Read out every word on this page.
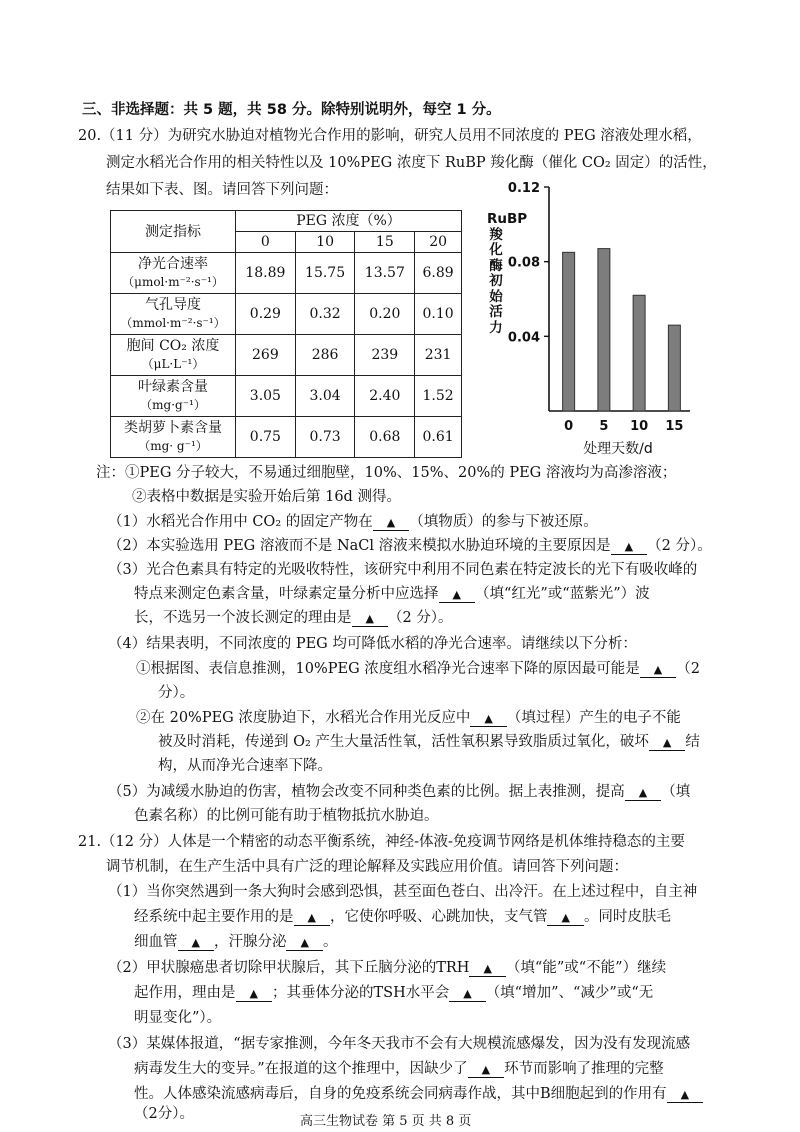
三、非选择题：共 5 题，共 58 分。除特别说明外，每空 1 分。
20.（11 分）为研究水胁迫对植物光合作用的影响，研究人员用不同浓度的 PEG 溶液处理水稻，
测定水稻光合作用的相关特性以及 10%PEG 浓度下 RuBP 羧化酶（催化 CO₂ 固定）的活性，
结果如下表、图。请回答下列问题：
测定指标	PEG 浓度（%）			
	0	10	15	20
净光合速率
（μmol·m⁻²·s⁻¹）	18.89	15.75	13.57	6.89
气孔导度
（mmol·m⁻²·s⁻¹）	0.29	0.32	0.20	0.10
胞间 CO₂ 浓度
（μL·L⁻¹）	269	286	239	231
叶绿素含量
（mg·g⁻¹）	3.05	3.04	2.40	1.52
类胡萝卜素含量
（mg· g⁻¹）	0.75	0.73	0.68	0.61
RuBP羧化酶初始活力
处理天数/d
0.04
0.08
0.12
0 5 10 15
注：①PEG 分子较大，不易通过细胞壁，10%、15%、20%的 PEG 溶液均为高渗溶液；
②表格中数据是实验开始后第 16d 测得。
（1）水稻光合作用中 CO₂ 的固定产物在 ▲ （填物质）的参与下被还原。
（2）本实验选用 PEG 溶液而不是 NaCl 溶液来模拟水胁迫环境的主要原因是 ▲ （2 分）。
（3）光合色素具有特定的光吸收特性，该研究中利用不同色素在特定波长的光下有吸收峰的
特点来测定色素含量，叶绿素定量分析中应选择 ▲ （填“红光”或“蓝紫光”）波
长，不选另一个波长测定的理由是 ▲ （2 分）。
（4）结果表明，不同浓度的 PEG 均可降低水稻的净光合速率。请继续以下分析：
①根据图、表信息推测，10%PEG 浓度组水稻净光合速率下降的原因最可能是 ▲ （2
分）。
②在 20%PEG 浓度胁迫下，水稻光合作用光反应中 ▲ （填过程）产生的电子不能
被及时消耗，传递到 O₂ 产生大量活性氧，活性氧积累导致脂质过氧化，破坏 ▲ 结
构，从而净光合速率下降。
（5）为减缓水胁迫的伤害，植物会改变不同种类色素的比例。据上表推测，提高 ▲ （填
色素名称）的比例可能有助于植物抵抗水胁迫。
21.（12 分）人体是一个精密的动态平衡系统，神经-体液-免疫调节网络是机体维持稳态的主要
调节机制，在生产生活中具有广泛的理论解释及实践应用价值。请回答下列问题：
（1）当你突然遇到一条大狗时会感到恐惧，甚至面色苍白、出冷汗。在上述过程中，自主神
经系统中起主要作用的是 ▲ ，它使你呼吸、心跳加快，支气管 ▲ 。同时皮肤毛
细血管 ▲ ，汗腺分泌 ▲ 。
（2）甲状腺癌患者切除甲状腺后，其下丘脑分泌的TRH ▲ （填“能”或“不能”）继续
起作用，理由是 ▲ ；其垂体分泌的TSH水平会 ▲ （填“增加”、“减少”或“无
明显变化”）。
（3）某媒体报道，“据专家推测，今年冬天我市不会有大规模流感爆发，因为没有发现流感
病毒发生大的变异。”在报道的这个推理中，因缺少了 ▲ 环节而影响了推理的完整
性。人体感染流感病毒后，自身的免疫系统会同病毒作战，其中B细胞起到的作用有 ▲
（2分）。	高三生物试卷 第 5 页 共 8 页
